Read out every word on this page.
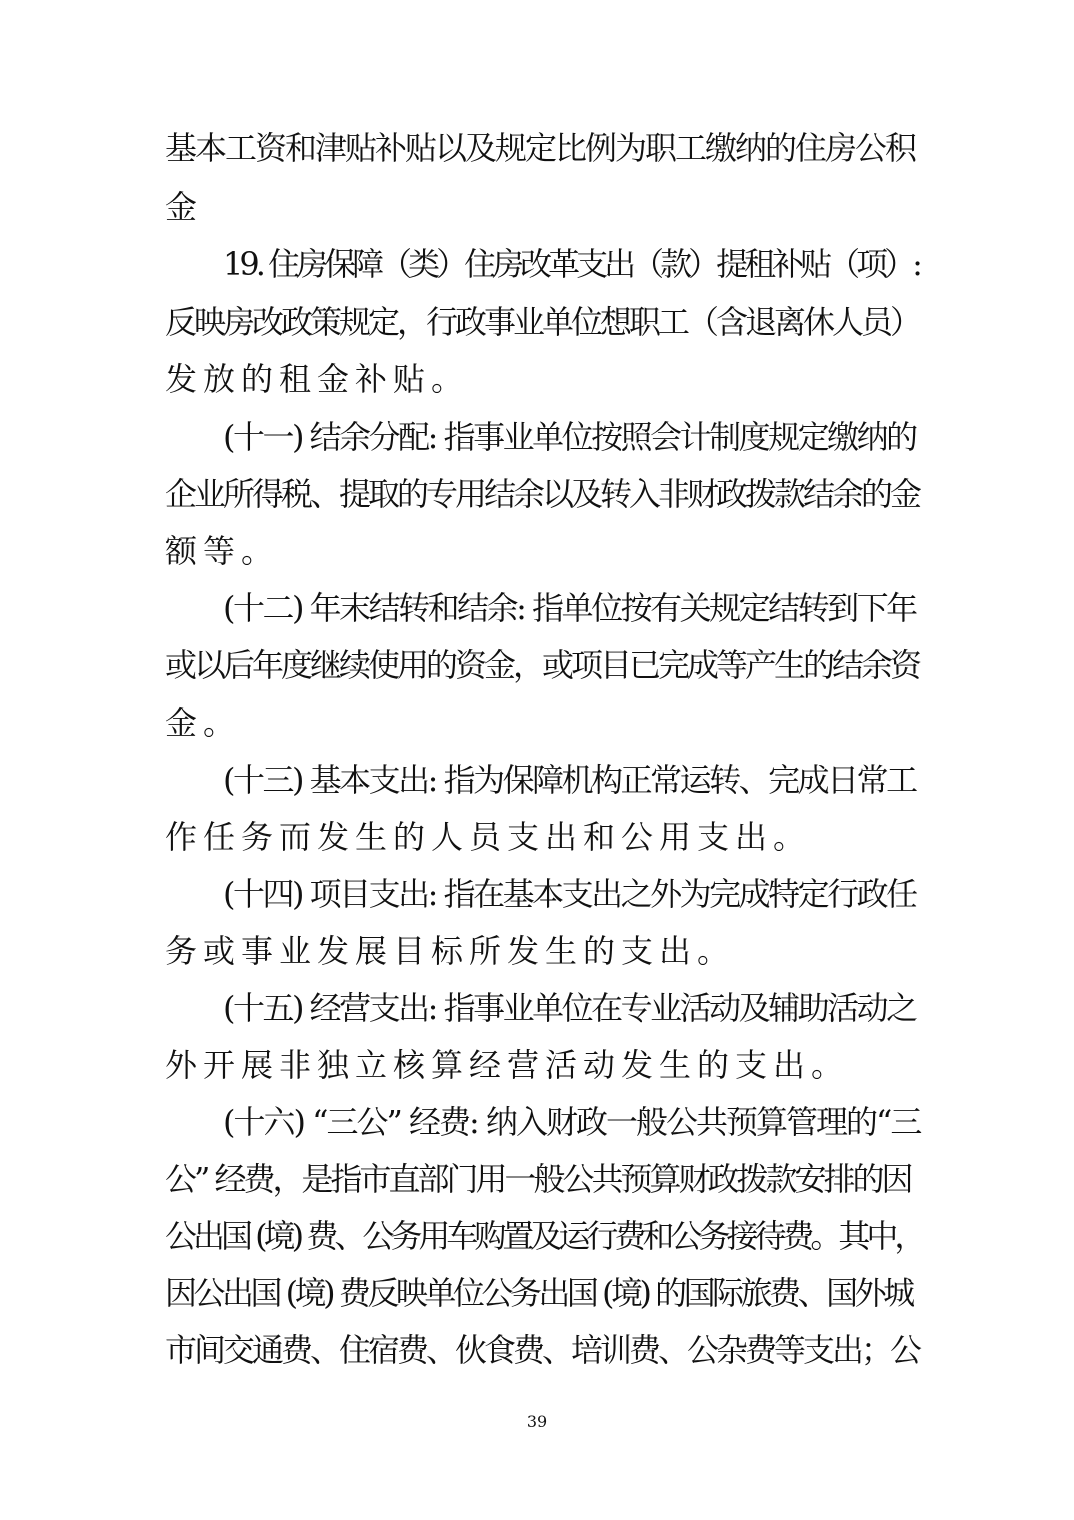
基本工资和津贴补贴以及规定比例为职工缴纳的住房公积
金
19. 住房保障（类）住房改革支出（款）提租补贴（项）:
反映房改政策规定，行政事业单位想职工（含退离休人员）
发放的租金补贴。
(十一) 结余分配: 指事业单位按照会计制度规定缴纳的
企业所得税、提取的专用结余以及转入非财政拨款结余的金
额等。
(十二) 年末结转和结余: 指单位按有关规定结转到下年
或以后年度继续使用的资金，或项目已完成等产生的结余资
金。
(十三) 基本支出: 指为保障机构正常运转、完成日常工
作任务而发生的人员支出和公用支出。
(十四) 项目支出: 指在基本支出之外为完成特定行政任
务或事业发展目标所发生的支出。
(十五) 经营支出: 指事业单位在专业活动及辅助活动之
外开展非独立核算经营活动发生的支出。
(十六) “三公” 经费: 纳入财政一般公共预算管理的“三
公” 经费，是指市直部门用一般公共预算财政拨款安排的因
公出国 (境) 费、公务用车购置及运行费和公务接待费。其中，
因公出国 (境) 费反映单位公务出国 (境) 的国际旅费、国外城
市间交通费、住宿费、伙食费、培训费、公杂费等支出；公
39
